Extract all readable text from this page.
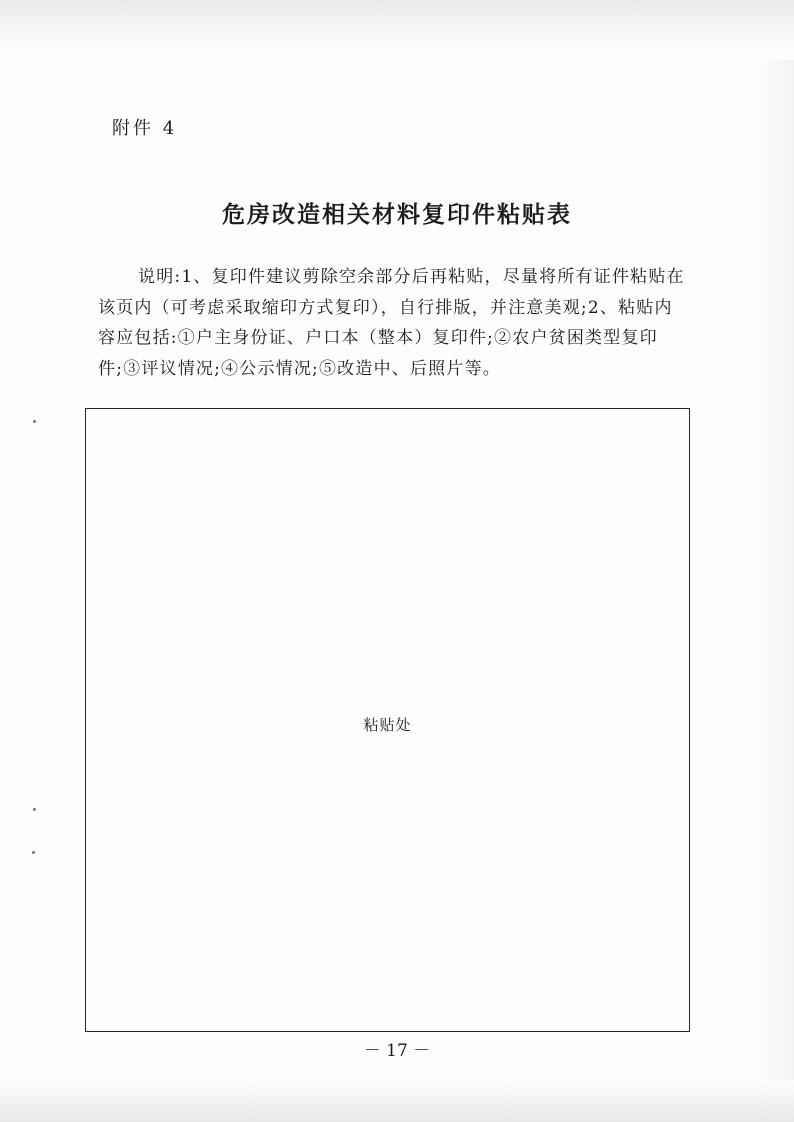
附件 4
危房改造相关材料复印件粘贴表
说明:1、复印件建议剪除空余部分后再粘贴，尽量将所有证件粘贴在
该页内（可考虑采取缩印方式复印），自行排版，并注意美观;2、粘贴内
容应包括:①户主身份证、户口本（整本）复印件;②农户贫困类型复印
件;③评议情况;④公示情况;⑤改造中、后照片等。
粘贴处
－ 17 －
